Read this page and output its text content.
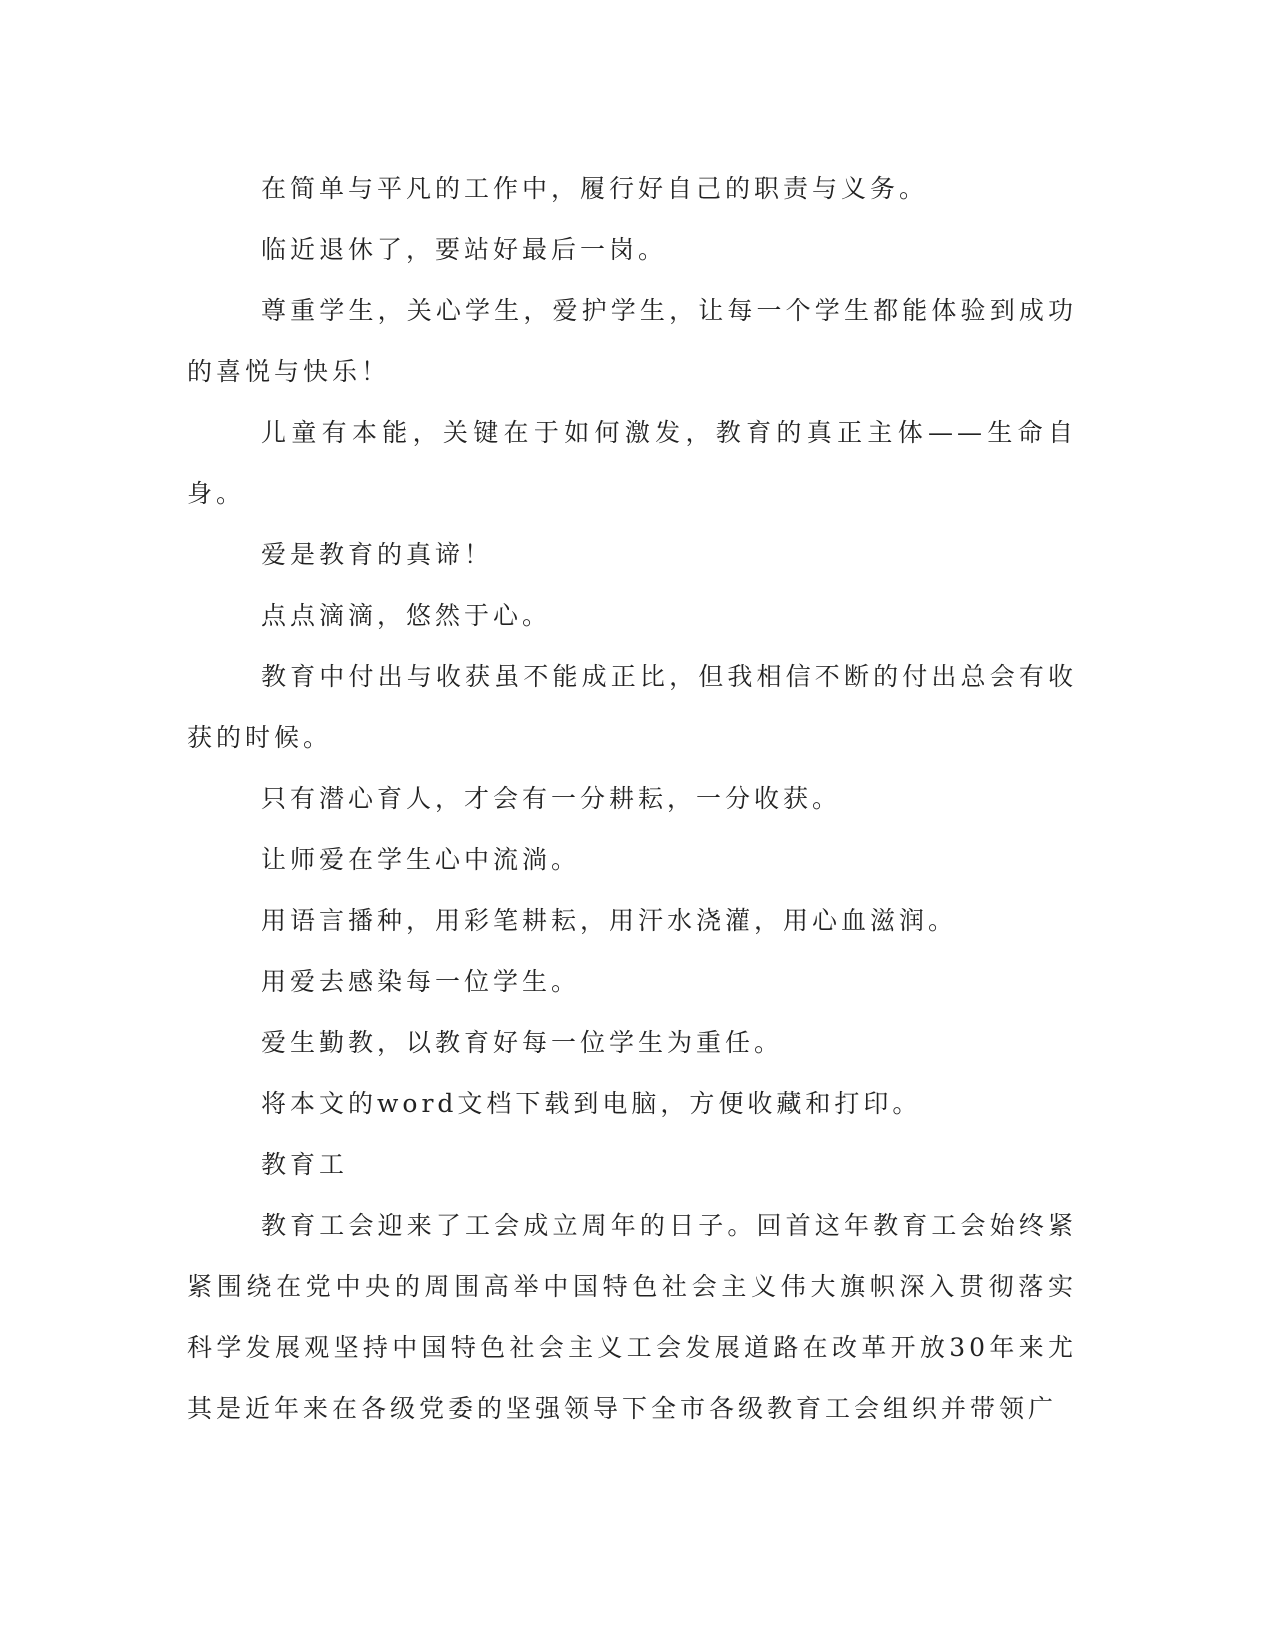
在简单与平凡的工作中，履行好自己的职责与义务。

临近退休了，要站好最后一岗。

尊重学生，关心学生，爱护学生，让每一个学生都能体验到成功的喜悦与快乐！

儿童有本能，关键在于如何激发，教育的真正主体——生命自身。

爱是教育的真谛！

点点滴滴，悠然于心。

教育中付出与收获虽不能成正比，但我相信不断的付出总会有收获的时候。

只有潜心育人，才会有一分耕耘，一分收获。

让师爱在学生心中流淌。

用语言播种，用彩笔耕耘，用汗水浇灌，用心血滋润。

用爱去感染每一位学生。

爱生勤教，以教育好每一位学生为重任。

将本文的word文档下载到电脑，方便收藏和打印。

教育工

教育工会迎来了工会成立周年的日子。回首这年教育工会始终紧紧围绕在党中央的周围高举中国特色社会主义伟大旗帜深入贯彻落实科学发展观坚持中国特色社会主义工会发展道路在改革开放30年来尤其是近年来在各级党委的坚强领导下全市各级教育工会组织并带领广
